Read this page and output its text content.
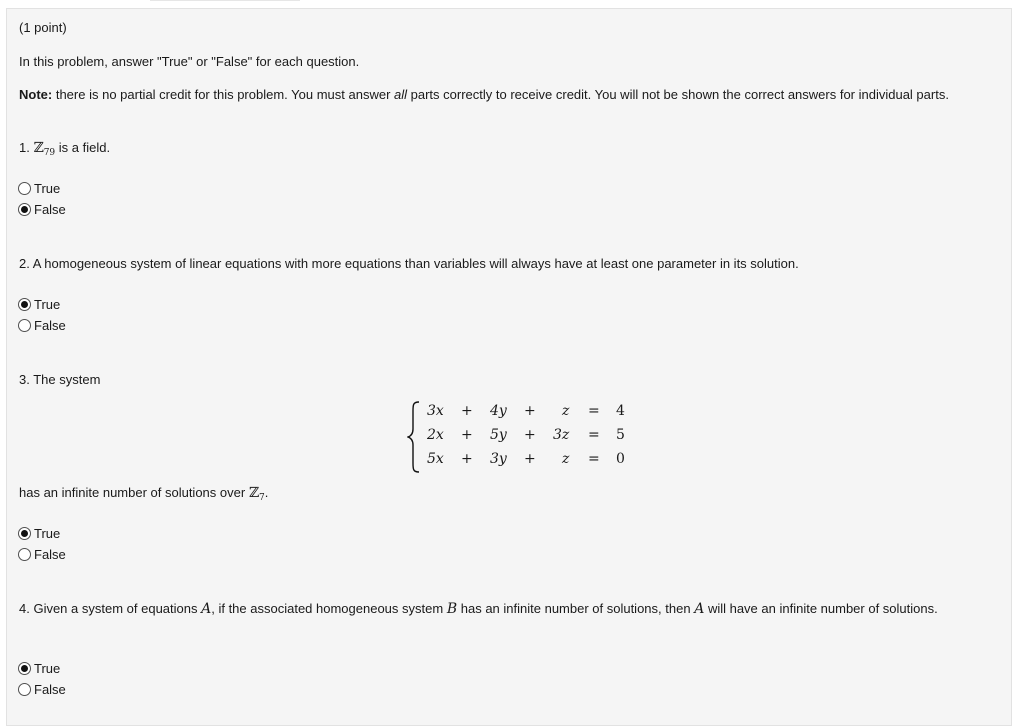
(1 point)
In this problem, answer "True" or "False" for each question.
Note: there is no partial credit for this problem. You must answer all parts correctly to receive credit. You will not be shown the correct answers for individual parts.
1. ℤ$_{79}$ is a field.
True
False
2. A homogeneous system of linear equations with more equations than variables will always have at least one parameter in its solution.
True
False
3. The system
3x + 4y + z = 4
2x + 5y + 3z = 5
5x + 3y + z = 0
has an infinite number of solutions over ℤ$_7$.
True
False
4. Given a system of equations A, if the associated homogeneous system B has an infinite number of solutions, then A will have an infinite number of solutions.
True
False
